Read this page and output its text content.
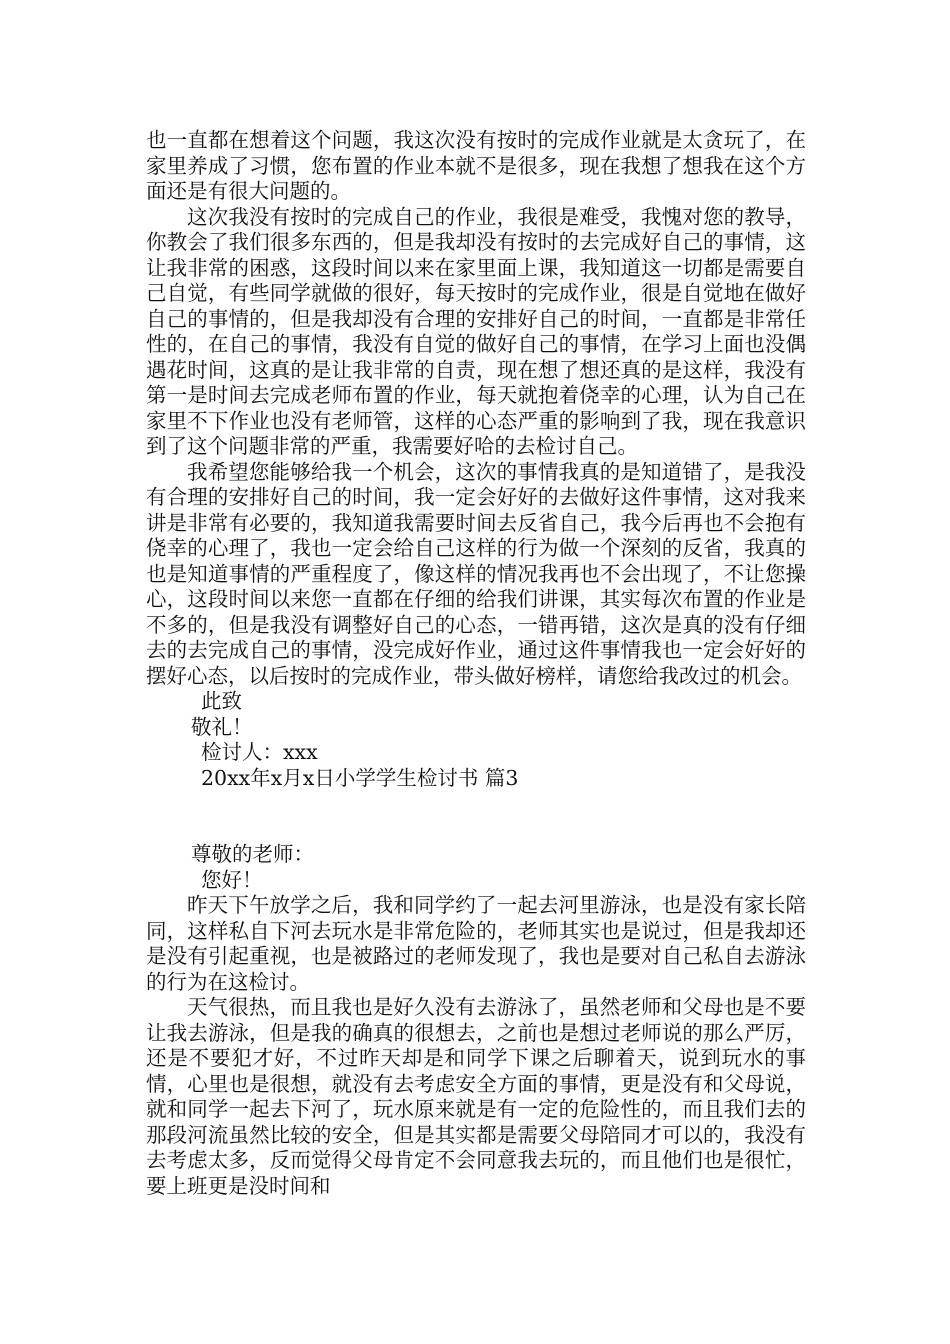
也一直都在想着这个问题，我这次没有按时的完成作业就是太贪玩了，在家里养成了习惯，您布置的作业本就不是很多，现在我想了想我在这个方面还是有很大问题的。

这次我没有按时的完成自己的作业，我很是难受，我愧对您的教导，你教会了我们很多东西的，但是我却没有按时的去完成好自己的事情，这让我非常的困惑，这段时间以来在家里面上课，我知道这一切都是需要自己自觉，有些同学就做的很好，每天按时的完成作业，很是自觉地在做好自己的事情的，但是我却没有合理的安排好自己的时间，一直都是非常任性的，在自己的事情，我没有自觉的做好自己的事情，在学习上面也没偶遇花时间，这真的是让我非常的自责，现在想了想还真的是这样，我没有第一是时间去完成老师布置的作业，每天就抱着侥幸的心理，认为自己在家里不下作业也没有老师管，这样的心态严重的影响到了我，现在我意识到了这个问题非常的严重，我需要好哈的去检讨自己。

我希望您能够给我一个机会，这次的事情我真的是知道错了，是我没有合理的安排好自己的时间，我一定会好好的去做好这件事情，这对我来讲是非常有必要的，我知道我需要时间去反省自己，我今后再也不会抱有侥幸的心理了，我也一定会给自己这样的行为做一个深刻的反省，我真的也是知道事情的严重程度了，像这样的情况我再也不会出现了，不让您操心，这段时间以来您一直都在仔细的给我们讲课，其实每次布置的作业是不多的，但是我没有调整好自己的心态，一错再错，这次是真的没有仔细去的去完成自己的事情，没完成好作业，通过这件事情我也一定会好好的摆好心态，以后按时的完成作业，带头做好榜样，请您给我改过的机会。

此致

敬礼！

检讨人：xxx

20xx年x月x日小学学生检讨书 篇3

尊敬的老师：

您好！

昨天下午放学之后，我和同学约了一起去河里游泳，也是没有家长陪同，这样私自下河去玩水是非常危险的，老师其实也是说过，但是我却还是没有引起重视，也是被路过的老师发现了，我也是要对自己私自去游泳的行为在这检讨。

天气很热，而且我也是好久没有去游泳了，虽然老师和父母也是不要让我去游泳，但是我的确真的很想去，之前也是想过老师说的那么严厉，还是不要犯才好，不过昨天却是和同学下课之后聊着天，说到玩水的事情，心里也是很想，就没有去考虑安全方面的事情，更是没有和父母说，就和同学一起去下河了，玩水原来就是有一定的危险性的，而且我们去的那段河流虽然比较的安全，但是其实都是需要父母陪同才可以的，我没有去考虑太多，反而觉得父母肯定不会同意我去玩的，而且他们也是很忙，要上班更是没时间和
